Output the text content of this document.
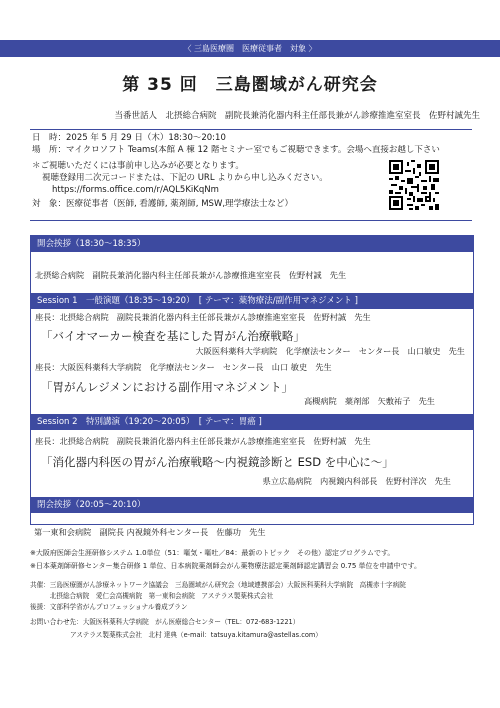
〈 三島医療圏　医療従事者　対象 〉
第 35 回　三島圏域がん研究会
当番世話人　北摂総合病院　副院長兼消化器内科主任部長兼がん診療推進室室長　佐野村誠先生
日　時：2025 年 5 月 29 日（木）18:30～20:10
場　所：マイクロソフト Teams(本館 A 棟 12 階セミナー室でもご視聴できます。会場へ直接お越し下さい
＊ご視聴いただくには事前申し込みが必要となります。
視聴登録用二次元コードまたは、下記の URL よりから申し込みください。
https://forms.office.com/r/AQL5KiKqNm
対　象：医療従事者（医師, 看護師, 薬剤師, MSW,理学療法士など）
開会挨拶（18:30～18:35）
北摂総合病院　副院長兼消化器内科主任部長兼がん診療推進室室長　佐野村誠　先生
Session 1　一般演題（18:35～19:20）　[ テーマ：薬物療法/副作用マネジメント ]
座長：北摂総合病院　副院長兼消化器内科主任部長兼がん診療推進室室長　佐野村誠　先生
「バイオマーカー検査を基にした胃がん治療戦略」
大阪医科薬科大学病院　化学療法センター　センター長　山口敏史　先生
座長：大阪医科薬科大学病院　化学療法センター　センター長　山口 敏史　先生
「胃がんレジメンにおける副作用マネジメント」
高槻病院　薬剤部　矢敷祐子　先生
Session 2　特別講演（19:20～20:05）　[ テーマ：胃癌 ]
座長：北摂総合病院　副院長兼消化器内科主任部長兼がん診療推進室室長　佐野村誠　先生
「消化器内科医の胃がん治療戦略～内視鏡診断と ESD を中心に～」
県立広島病院　内視鏡内科部長　佐野村洋次　先生
閉会挨拶（20:05～20:10）
第一東和会病院　副院長 内視鏡外科センター長　佐藤功　先生
※大阪府医師会生涯研修システム 1.0単位（51：嘔気・嘔吐／84：最新のトピック　その他）認定プログラムです。
※日本薬剤師研修センター集合研修 1 単位、日本病院薬剤師会がん薬物療法認定薬剤師認定講習会 0.75 単位を申請中です。
共催：三島医療圏がん診療ネットワーク協議会　三島圏域がん研究会（地域連携部会）大阪医科薬科大学病院　高槻赤十字病院
　　　北摂総合病院　愛仁会高槻病院　第一東和会病院　アステラス製薬株式会社
後援：文部科学省がんプロフェッショナル養成プラン
お問い合わせ先：大阪医科薬科大学病院　がん医療総合センター（TEL：072-683-1221）
アステラス製薬株式会社　北村 達典（e-mail：tatsuya.kitamura@astellas.com）
